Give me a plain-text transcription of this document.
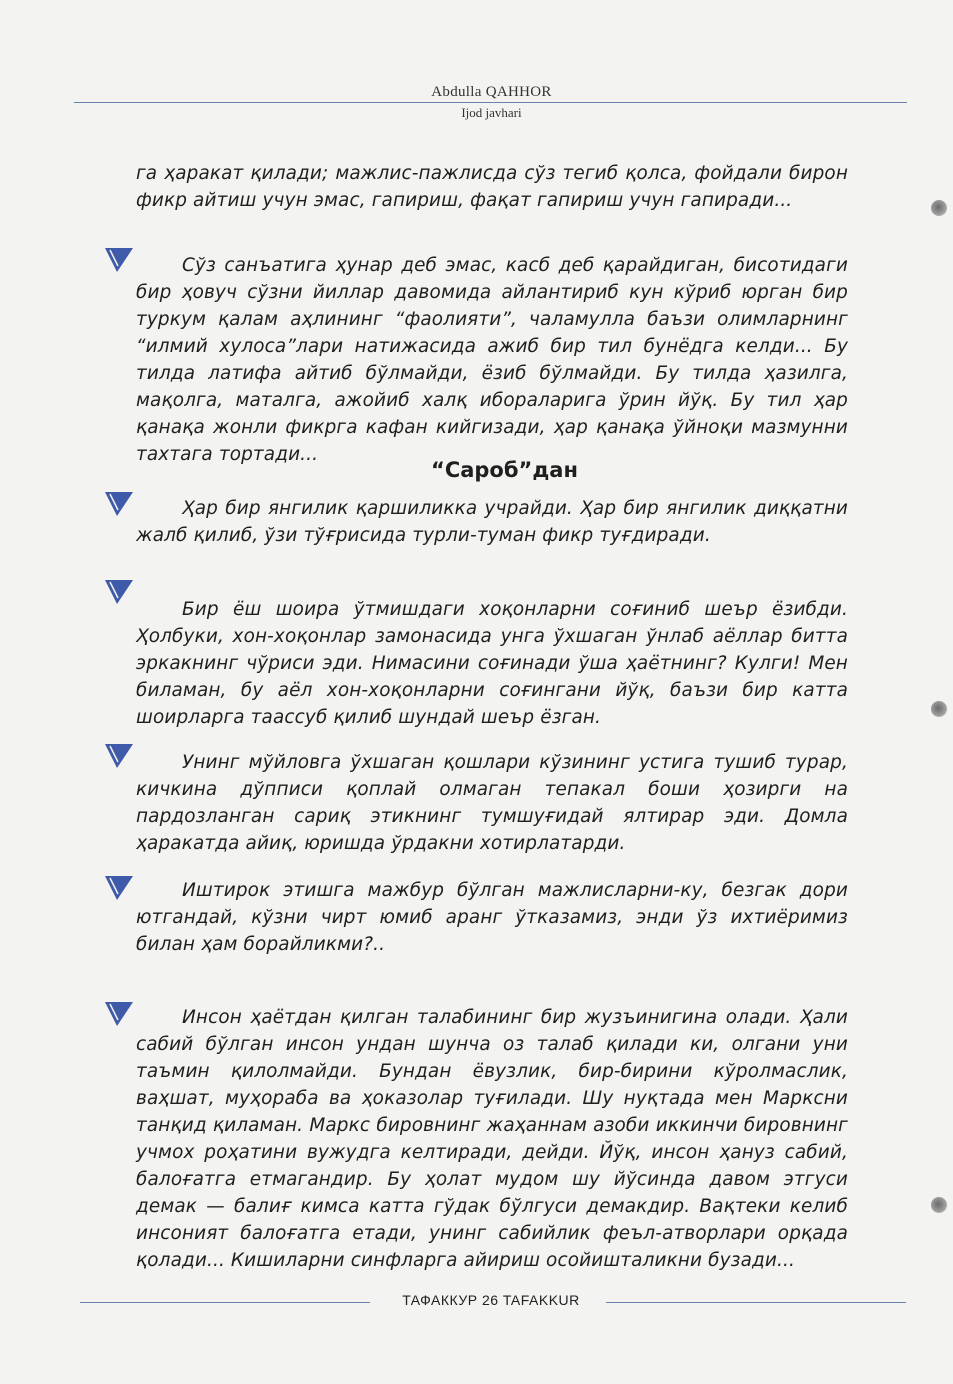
Abdulla QAHHOR
Ijod javhari

га ҳаракат қилади; мажлис-пажлисда сўз тегиб қолса, фойдали бирон фикр айтиш учун эмас, гапириш, фақат гапириш учун гапиради...

Сўз санъатига ҳунар деб эмас, касб деб қарайдиган, бисотидаги бир ҳовуч сўзни йиллар давомида айлантириб кун кўриб юрган бир туркум қалам аҳлининг “фаолияти”, чаламулла баъзи олимларнинг “илмий хулоса”лари натижасида ажиб бир тил бунёдга келди... Бу тилда латифа айтиб бўлмайди, ёзиб бўлмайди. Бу тилда ҳазилга, мақолга, маталга, ажойиб халқ ибораларига ўрин йўқ. Бу тил ҳар қанақа жонли фикрга кафан кийгизади, ҳар қанақа ўйноқи мазмунни тахтага тортади...

“Сароб”дан

Ҳар бир янгилик қаршиликка учрайди. Ҳар бир янгилик диққатни жалб қилиб, ўзи тўғрисида турли-туман фикр туғдиради.

Бир ёш шоира ўтмишдаги хоқонларни соғиниб шеър ёзибди. Ҳолбуки, хон-хоқонлар замонасида унга ўхшаган ўнлаб аёллар битта эркакнинг чўриси эди. Нимасини соғинади ўша ҳаётнинг? Кулги! Мен биламан, бу аёл хон-хоқонларни соғингани йўқ, баъзи бир катта шоирларга таассуб қилиб шундай шеър ёзган.

Унинг мўйловга ўхшаган қошлари кўзининг устига тушиб турар, кичкина дўпписи қоплай олмаган тепакал боши ҳозирги на пардозланган сариқ этикнинг тумшуғидай ялтирар эди. Домла ҳаракатда айиқ, юришда ўрдакни хотирлатарди.

Иштирок этишга мажбур бўлган мажлисларни-ку, безгак дори ютгандай, кўзни чирт юмиб аранг ўтказамиз, энди ўз ихтиёримиз билан ҳам борайликми?..

Инсон ҳаётдан қилган талабининг бир жузъинигина олади. Ҳали сабий бўлган инсон ундан шунча оз талаб қилади ки, олгани уни таъмин қилолмайди. Бундан ёвузлик, бир-бирини кўролмаслик, ваҳшат, муҳораба ва ҳоказолар туғилади. Шу нуқтада мен Марксни танқид қиламан. Маркс бировнинг жаҳаннам азоби иккинчи бировнинг учмох роҳатини вужудга келтиради, дейди. Йўқ, инсон ҳануз сабий, балоғатга етмагандир. Бу ҳолат мудом шу йўсинда давом этгуси демак — балиғ кимса катта гўдак бўлгуси демакдир. Вақтеки келиб инсоният балоғатга етади, унинг сабийлик феъл-атворлари орқада қолади... Кишиларни синфларга айириш осойишталикни бузади...

ТАФАККУР 26 TAFAKKUR
